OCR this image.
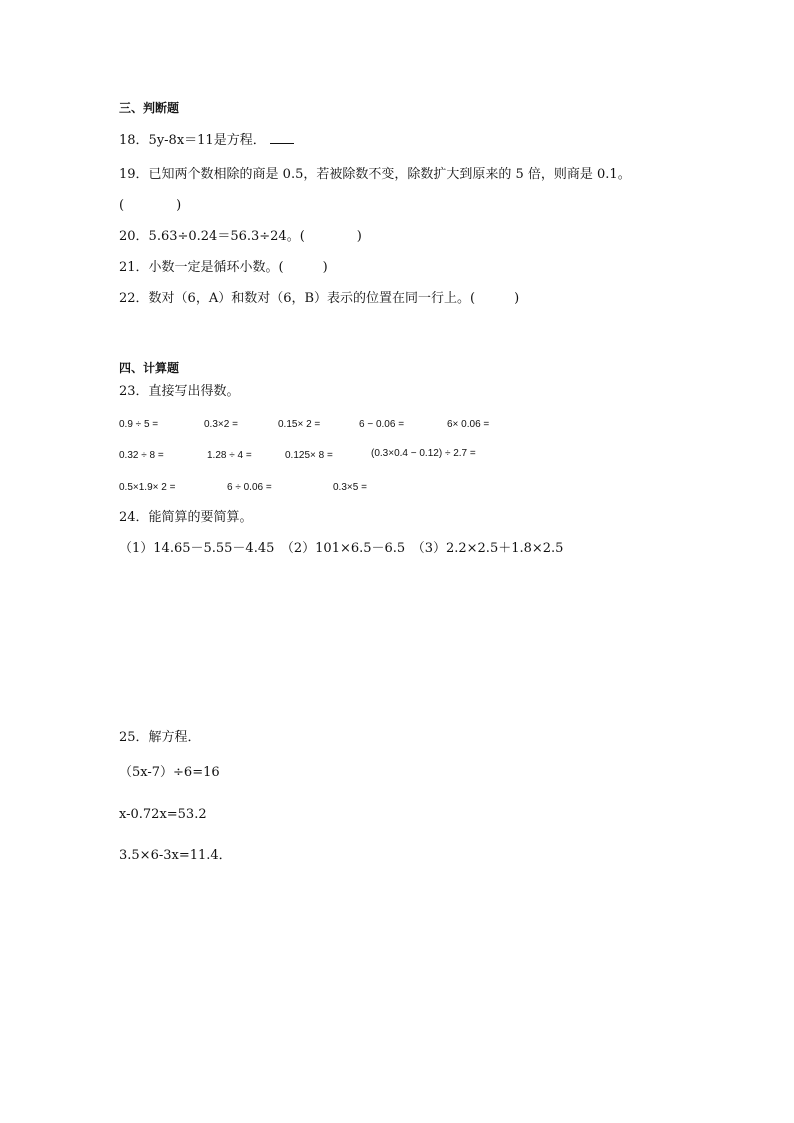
三、判断题
18．5y-8x＝11是方程．
19．已知两个数相除的商是 0.5，若被除数不变，除数扩大到原来的 5 倍，则商是 0.1。
(　　　　)
20．5.63÷0.24＝56.3÷24。(　　　　)
21．小数一定是循环小数。(　　　)
22．数对（6，A）和数对（6，B）表示的位置在同一行上。(　　　)
四、计算题
23．直接写出得数。
0.9 ÷ 5 =	0.3×2 =	0.15× 2 =	6 − 0.06 =	6× 0.06 =
0.32 ÷ 8 =	1.28 ÷ 4 =	0.125× 8 =	(0.3×0.4 − 0.12) ÷ 2.7 =
0.5×1.9× 2 =	6 ÷ 0.06 =	0.3×5 =
24．能简算的要简算。
（1）14.65－5.55－4.45　（2）101×6.5－6.5　（3）2.2×2.5＋1.8×2.5
25．解方程．
（5x-7）÷6=16
x-0.72x=53.2
3.5×6-3x=11.4．
